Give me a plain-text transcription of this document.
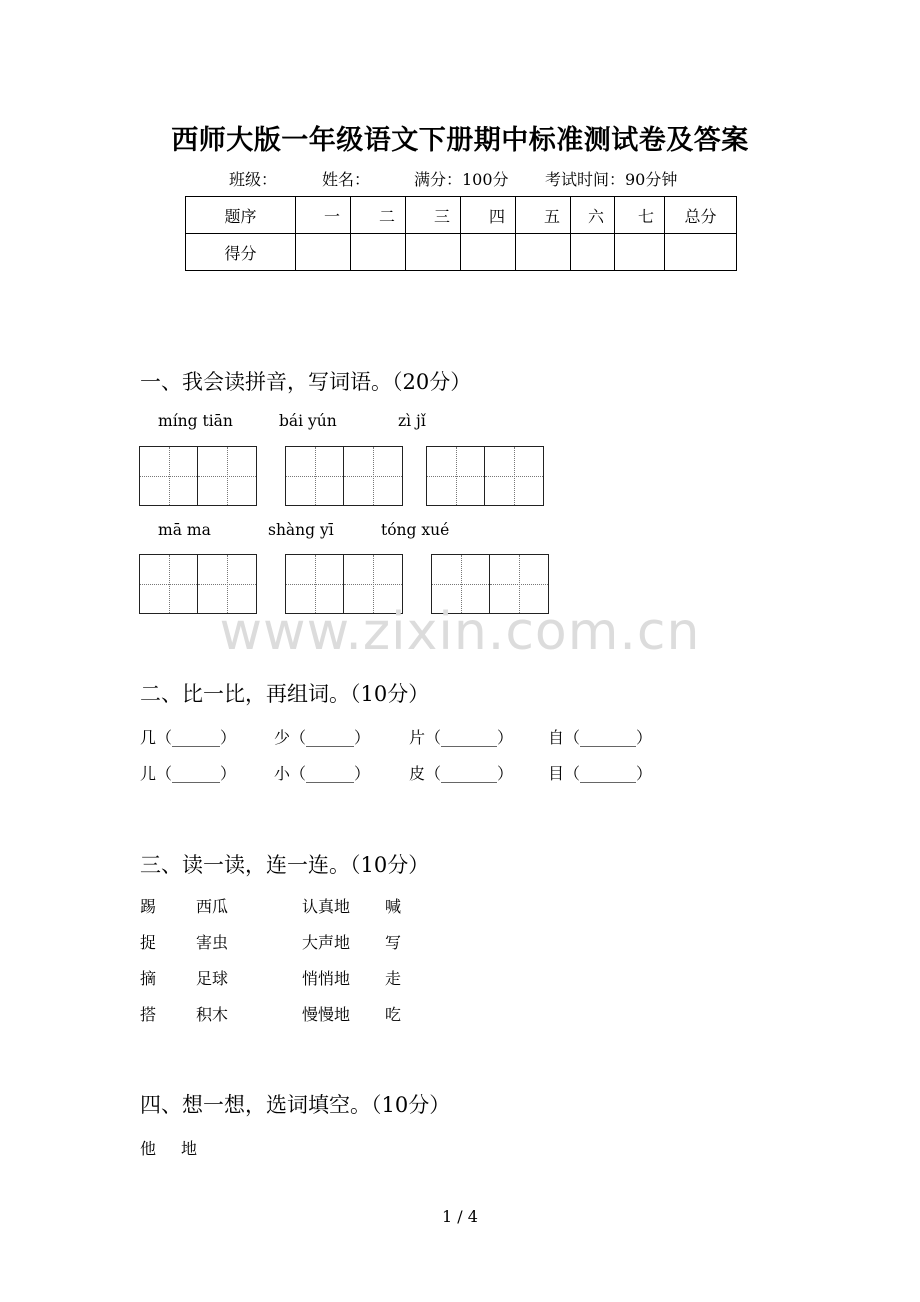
西师大版一年级语文下册期中标准测试卷及答案
班级：	姓名：	满分：100分 考试时间：90分钟
题序	一	二	三	四	五	六	七	总分
得分								
一、我会读拼音，写词语。（20分）
míng tiān	bái yún	zì jǐ
mā ma	shàng yī	tóng xué
www.zixin.com.cn
二、比一比，再组词。（10分）
几（______） 少（______） 片（_______） 自（_______）
儿（______） 小（______） 皮（_______） 目（_______）
三、读一读，连一连。（10分）
踢 西瓜	认真地 喊
捉 害虫	大声地 写
摘 足球	悄悄地 走
搭 积木	慢慢地 吃
四、想一想，选词填空。（10分）
他 地
1 / 4
